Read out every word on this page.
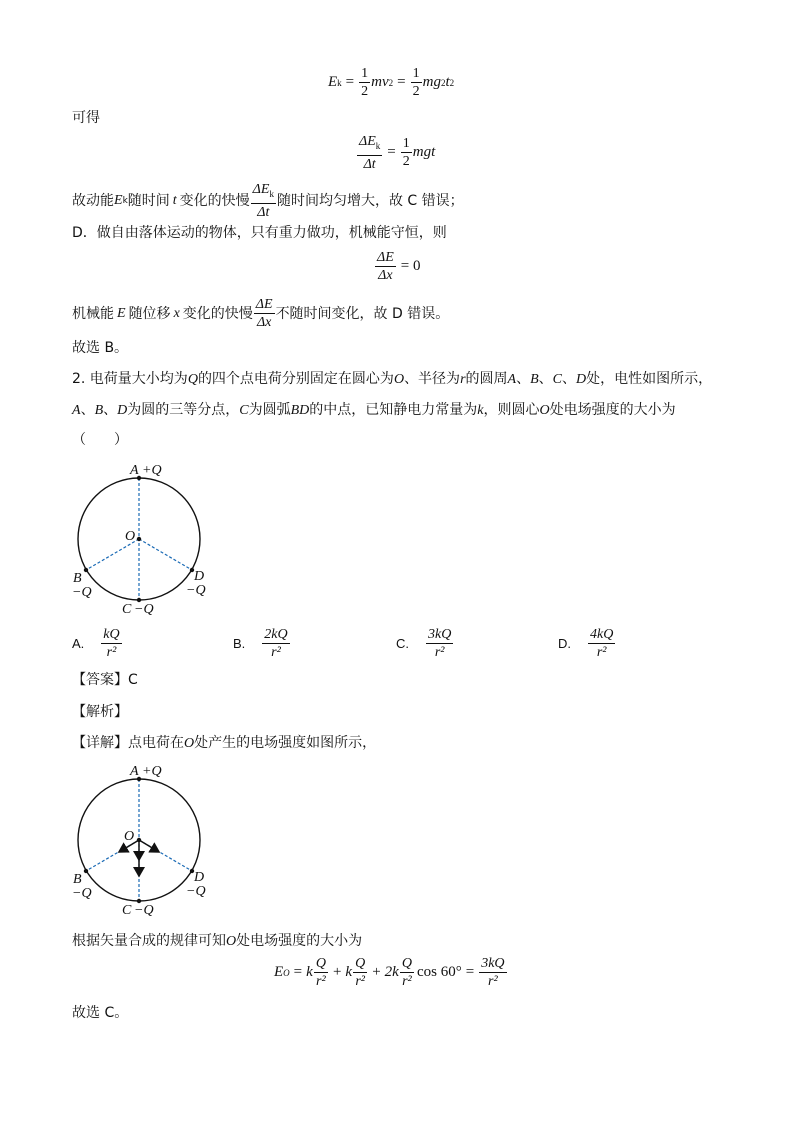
E $k = \frac{1}{2}$ mv $2 = \frac{1}{2}$ mg 2 t 2
可得
$\frac{\Delta E_k}{\Delta t} = \frac{1}{2}$ mgt
故动能 E k 随时间 t 变化的快慢 $\frac{\Delta E_k}{\Delta t}$ 随时间均匀增大，故 C 错误；
D．做自由落体运动的物体，只有重力做功，机械能守恒，则
$\frac{\Delta E}{\Delta x} = 0$
机械能 E 随位移 x 变化的快慢 $\frac{\Delta E}{\Delta x}$ 不随时间变化，故 D 错误。
故选 B。
2. 电荷量大小均为Q的四个点电荷分别固定在圆心为O、半径为r的圆周A、B、C、D处，电性如图所示，
A、B、D为圆的三等分点，C为圆弧BD的中点，已知静电力常量为k，则圆心O处电场强度的大小为
（　　）
A +Q
O
B
−Q
D
−Q
C −Q
A. $\frac{kQ}{\text{r²}}$	B. $\frac{2kQ}{\text{r²}}$	C. $\frac{3kQ}{\text{r²}}$	D. $\frac{4kQ}{\text{r²}}$
【答案】C
【解析】
【详解】点电荷在O处产生的电场强度如图所示，
A +Q
O
B
−Q
D
−Q
C −Q
根据矢量合成的规律可知O处电场强度的大小为
E O = k $\frac{Q}{\text{r²}} + k \frac{Q}{\text{r²}} + 2k \frac{Q}{\text{r²}}$ $\cos 60^\circ = \frac{3kQ}{\text{r²}}$
故选 C。
